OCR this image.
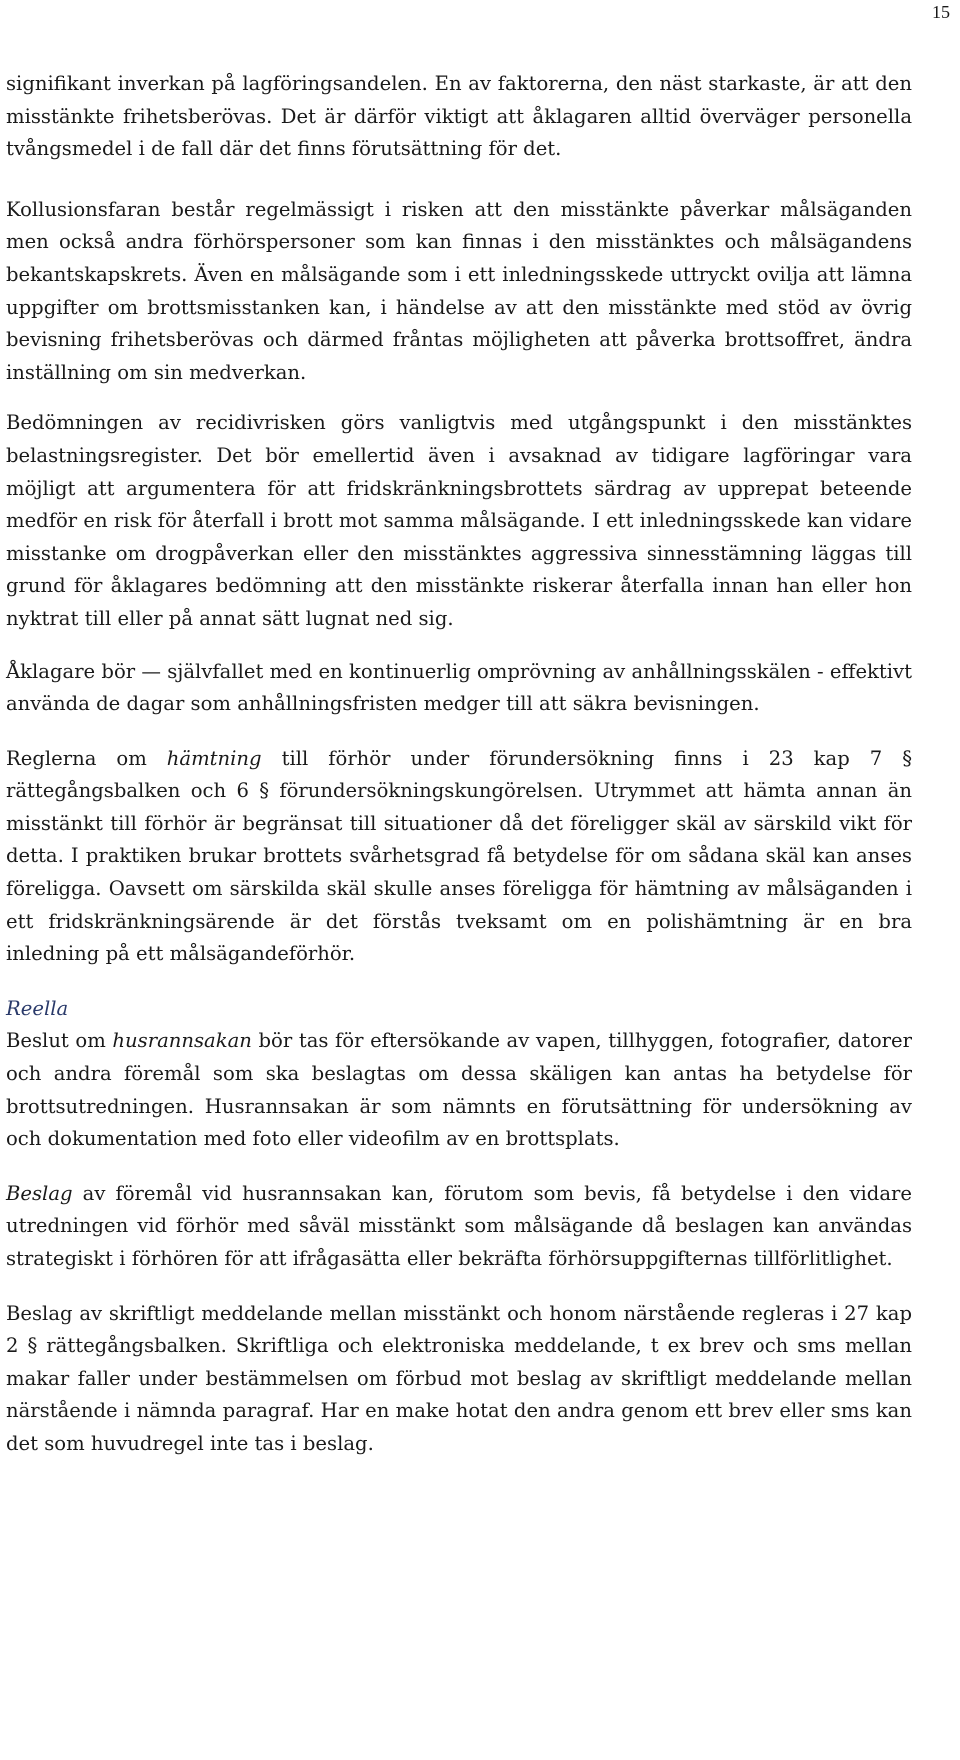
15

signifikant inverkan på lagföringsandelen. En av faktorerna, den näst starkaste, är att den misstänkte frihetsberövas. Det är därför viktigt att åklagaren alltid överväger personella tvångsmedel i de fall där det finns förutsättning för det.

Kollusionsfaran består regelmässigt i risken att den misstänkte påverkar målsäganden men också andra förhörspersoner som kan finnas i den misstänktes och målsägandens bekantskapskrets. Även en målsägande som i ett inledningsskede uttryckt ovilja att lämna uppgifter om brottsmisstanken kan, i händelse av att den misstänkte med stöd av övrig bevisning frihetsberövas och därmed fråntas möjligheten att påverka brottsoffret, ändra inställning om sin medverkan.

Bedömningen av recidivrisken görs vanligtvis med utgångspunkt i den misstänktes belastningsregister. Det bör emellertid även i avsaknad av tidigare lagföringar vara möjligt att argumentera för att fridskränkningsbrottets särdrag av upprepat beteende medför en risk för återfall i brott mot samma målsägande. I ett inledningsskede kan vidare misstanke om drogpåverkan eller den misstänktes aggressiva sinnesstämning läggas till grund för åklagares bedömning att den misstänkte riskerar återfalla innan han eller hon nyktrat till eller på annat sätt lugnat ned sig.

Åklagare bör — självfallet med en kontinuerlig omprövning av anhållningsskälen - effektivt använda de dagar som anhållningsfristen medger till att säkra bevisningen.

Reglerna om hämtning till förhör under förundersökning finns i 23 kap 7 § rättegångsbalken och 6 § förundersökningskungörelsen. Utrymmet att hämta annan än misstänkt till förhör är begränsat till situationer då det föreligger skäl av särskild vikt för detta. I praktiken brukar brottets svårhetsgrad få betydelse för om sådana skäl kan anses föreligga. Oavsett om särskilda skäl skulle anses föreligga för hämtning av målsäganden i ett fridskränkningsärende är det förstås tveksamt om en polishämtning är en bra inledning på ett målsägandeförhör.

Reella

Beslut om husrannsakan bör tas för eftersökande av vapen, tillhyggen, fotografier, datorer och andra föremål som ska beslagtas om dessa skäligen kan antas ha betydelse för brottsutredningen. Husrannsakan är som nämnts en förutsättning för undersökning av och dokumentation med foto eller videofilm av en brottsplats.

Beslag av föremål vid husrannsakan kan, förutom som bevis, få betydelse i den vidare utredningen vid förhör med såväl misstänkt som målsägande då beslagen kan användas strategiskt i förhören för att ifrågasätta eller bekräfta förhörsuppgifternas tillförlitlighet.

Beslag av skriftligt meddelande mellan misstänkt och honom närstående regleras i 27 kap 2 § rättegångsbalken. Skriftliga och elektroniska meddelande, t ex brev och sms mellan makar faller under bestämmelsen om förbud mot beslag av skriftligt meddelande mellan närstående i nämnda paragraf. Har en make hotat den andra genom ett brev eller sms kan det som huvudregel inte tas i beslag.
